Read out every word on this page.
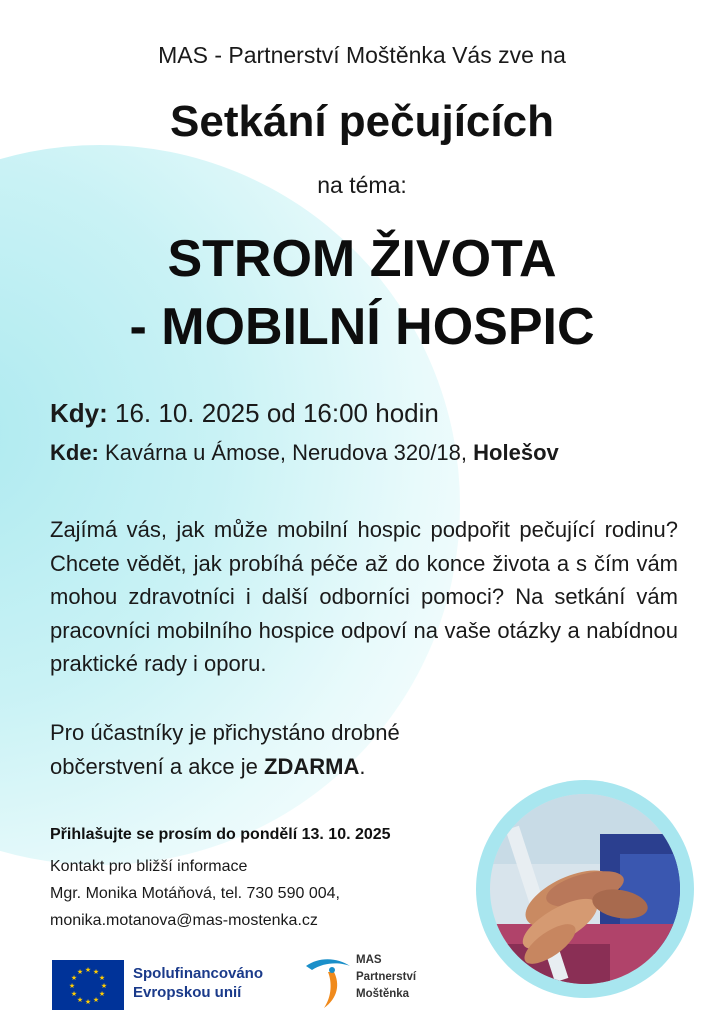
MAS - Partnerství Moštěnka Vás zve na
Setkání pečujících
na téma:
STROM ŽIVOTA
- MOBILNÍ HOSPIC
Kdy: 16. 10. 2025 od 16:00 hodin
Kde: Kavárna u Ámose, Nerudova 320/18, Holešov
Zajímá vás, jak může mobilní hospic podpořit pečující rodinu? Chcete vědět, jak probíhá péče až do konce života a s čím vám mohou zdravotníci i další odborníci pomoci? Na setkání vám pracovníci mobilního hospice odpoví na vaše otázky a nabídnou praktické rady i oporu.
Pro účastníky je přichystáno drobné
občerstvení a akce je ZDARMA.
Přihlašujte se prosím do pondělí 13. 10. 2025
Kontakt pro bližší informace
Mgr. Monika Motáňová, tel. 730 590 004,
monika.motanova@mas-mostenka.cz
★ ★
★
★
★
★
★
★
★
★
★
★	Spolufinancováno
Evropskou unií
MAS
Partnerství
Moštěnka
